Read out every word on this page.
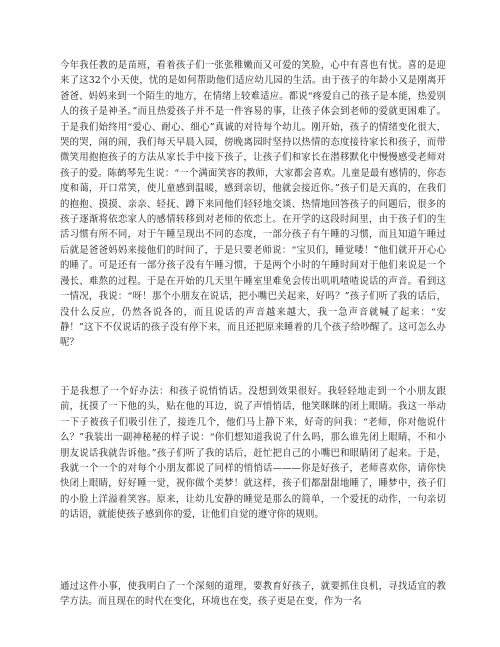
今年我任教的是苗班，看着孩子们一张张稚嫩而又可爱的笑脸，心中有喜也有忧。喜的是迎来了这32个小天使，忧的是如何帮助他们适应幼儿园的生活。由于孩子的年龄小又是刚离开爸爸、妈妈来到一个陌生的地方，在情绪上较难适应。都说“疼爱自己的孩子是本能，热爱别人的孩子是神圣。”而且热爱孩子并不是一件容易的事，让孩子体会到老师的爱就更困难了。于是我们始终用“爱心、耐心、细心”真诚的对待每个幼儿。刚开始，孩子的情绪变化很大，哭的哭，闹的闹，我们每天早晨入园，傍晚离园时坚持以热情的态度接待家长和孩子，而带微笑用抱抱孩子的方法从家长手中接下孩子，让孩子们和家长在潜移默化中慢慢感受老师对孩子的爱。陈鹤琴先生说：“一个满面笑容的教师，大家都会喜欢。儿童是最有感情的，你态度和蔼，开口常笑，使儿童感到温暖，感到亲切，他就会接近你。”孩子们是天真的，在我们的抱抱、摸摸、亲亲、轻抚、蹲下来同他们轻轻地交谈、热情地回答孩子的问题后，很多的孩子逐渐将依恋家人的感情转移到对老师的依恋上。在开学的这段时间里，由于孩子们的生活习惯有所不同，对于午睡呈现出不同的态度，一部分孩子有午睡的习惯，而且知道午睡过后就是爸爸妈妈来接他们的时间了，于是只要老师说：“宝贝们，睡觉喽！”他们就开开心心的睡了。可是还有一部分孩子没有午睡习惯，于是两个小时的午睡时间对于他们来说是一个漫长、难熬的过程。于是在开始的几天里午睡室里难免会传出叽叽喳喳说话的声音。看到这一情况，我说：“呀！那个小朋友在说话，把小嘴巴关起来，好吗？”孩子们听了我的话后，没什么反应，仍然各说各的，而且说话的声音越来越大，我一急声音就喊了起来：“安静！”这下不仅说话的孩子没有停下来，而且还把原来睡着的几个孩子给吵醒了。这可怎么办呢？

于是我想了一个好办法：和孩子说悄悄话。没想到效果很好。我轻轻地走到一个小朋友跟前，抚摸了一下他的头，贴在他的耳边，说了声悄悄话，他笑眯眯的闭上眼睛。我这一举动一下子被孩子们吸引住了，接连几个，他们马上静下来，好奇的问我：“老师，你对他说什么？”我装出一副神秘秘的样子说：“你们想知道我说了什么吗，那么谁先闭上眼睛，不和小朋友说话我就告诉他。”孩子们听了我的话后，赶忙把自己的小嘴巴和眼睛闭了起来。于是，我就一个一个的对每个小朋友都说了同样的悄悄话———你是好孩子，老师喜欢你，请你快快闭上眼睛，好好睡一觉，祝你做个美梦！就这样，孩子们都甜甜地睡了，睡梦中，孩子们的小脸上洋溢着笑容。原来，让幼儿安静的睡觉是那么的简单，一个爱抚的动作，一句亲切的话语，就能使孩子感到你的爱，让他们自觉的遵守你的规则。

通过这件小事，使我明白了一个深刻的道理，要教育好孩子，就要抓住良机，寻找适宜的教学方法。而且现在的时代在变化，环境也在变，孩子更是在变，作为一名
